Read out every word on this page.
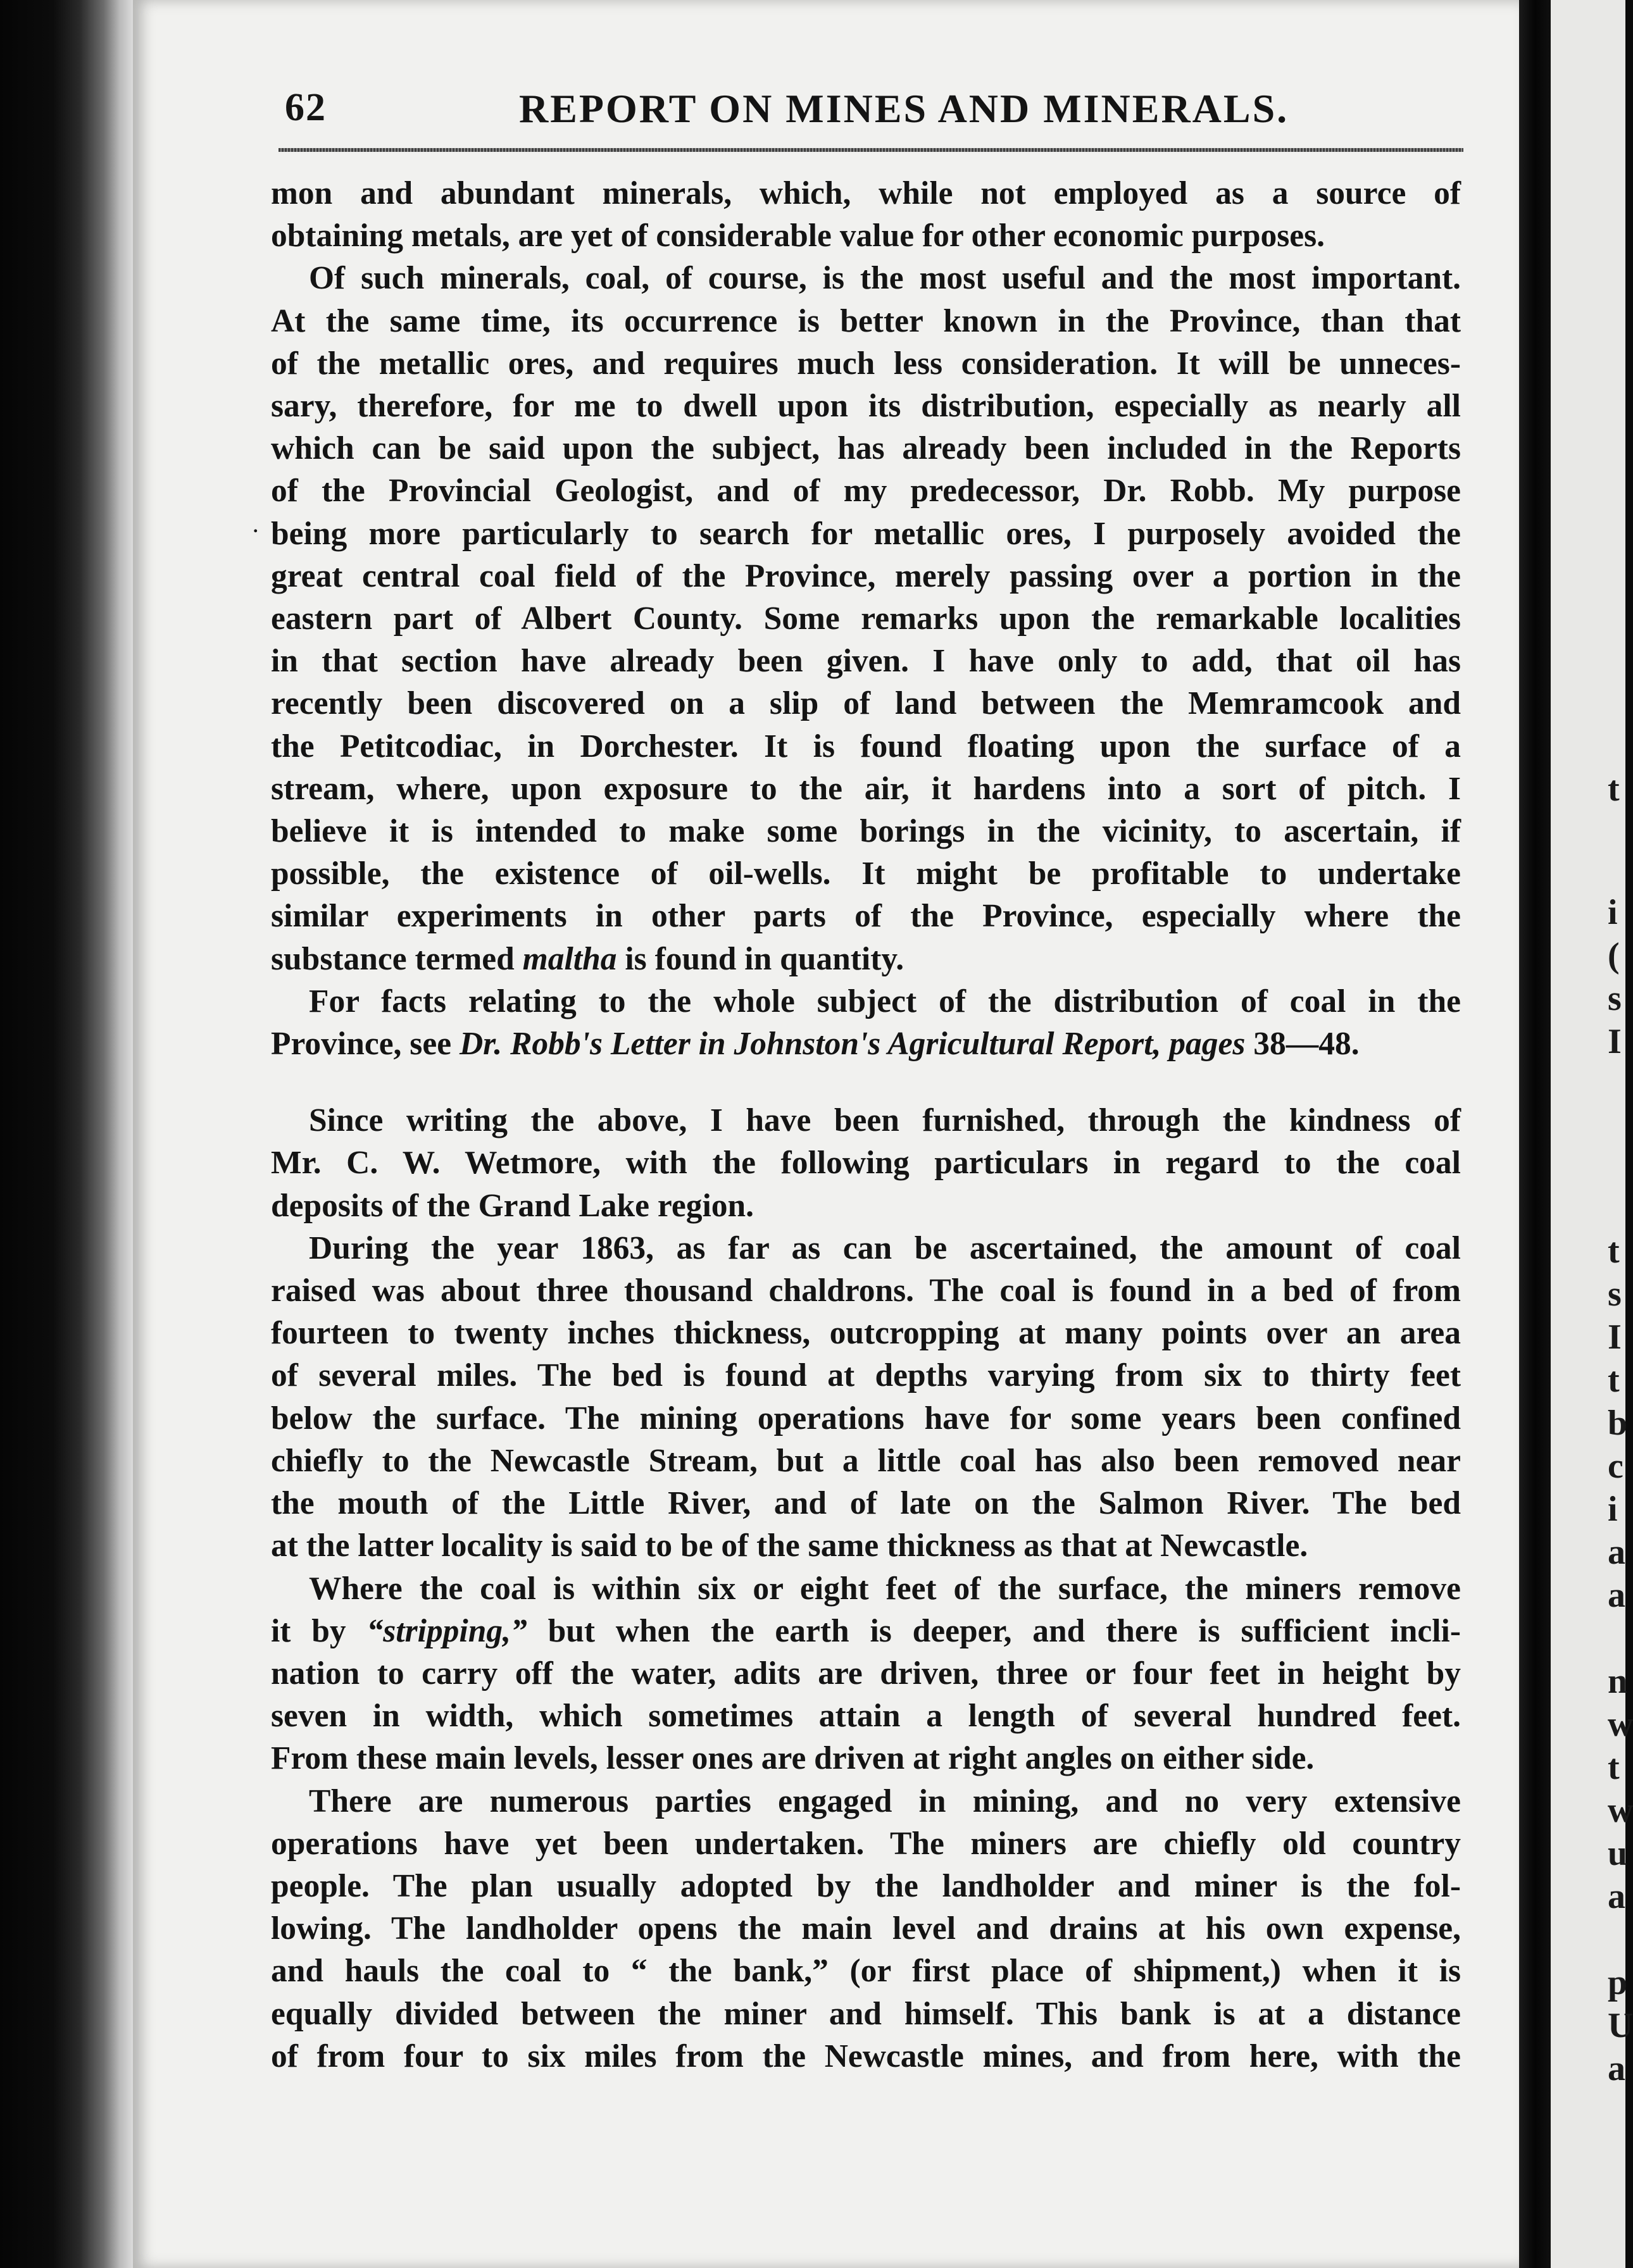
62	REPORT ON MINES AND MINERALS.

mon and abundant minerals, which, while not employed as a source of

obtaining metals, are yet of considerable value for other economic purposes.

Of such minerals, coal, of course, is the most useful and the most important.

At the same time, its occurrence is better known in the Province, than that

of the metallic ores, and requires much less consideration. It will be unneces-

sary, therefore, for me to dwell upon its distribution, especially as nearly all

which can be said upon the subject, has already been included in the Reports

of the Provincial Geologist, and of my predecessor, Dr. Robb. My purpose

being more particularly to search for metallic ores, I purposely avoided the

great central coal field of the Province, merely passing over a portion in the

eastern part of Albert County. Some remarks upon the remarkable localities

in that section have already been given. I have only to add, that oil has

recently been discovered on a slip of land between the Memramcook and

the Petitcodiac, in Dorchester. It is found floating upon the surface of a

stream, where, upon exposure to the air, it hardens into a sort of pitch. I

believe it is intended to make some borings in the vicinity, to ascertain, if

possible, the existence of oil-wells. It might be profitable to undertake

similar experiments in other parts of the Province, especially where the

substance termed maltha is found in quantity.

For facts relating to the whole subject of the distribution of coal in the

Province, see Dr. Robb's Letter in Johnston's Agricultural Report, pages 38—48.

Since writing the above, I have been furnished, through the kindness of

Mr. C. W. Wetmore, with the following particulars in regard to the coal

deposits of the Grand Lake region.

During the year 1863, as far as can be ascertained, the amount of coal

raised was about three thousand chaldrons. The coal is found in a bed of from

fourteen to twenty inches thickness, outcropping at many points over an area

of several miles. The bed is found at depths varying from six to thirty feet

below the surface. The mining operations have for some years been confined

chiefly to the Newcastle Stream, but a little coal has also been removed near

the mouth of the Little River, and of late on the Salmon River. The bed

at the latter locality is said to be of the same thickness as that at Newcastle.

Where the coal is within six or eight feet of the surface, the miners remove

it by “stripping,” but when the earth is deeper, and there is sufficient incli-

nation to carry off the water, adits are driven, three or four feet in height by

seven in width, which sometimes attain a length of several hundred feet.

From these main levels, lesser ones are driven at right angles on either side.

There are numerous parties engaged in mining, and no very extensive

operations have yet been undertaken. The miners are chiefly old country

people. The plan usually adopted by the landholder and miner is the fol-

lowing. The landholder opens the main level and drains at his own expense,

and hauls the coal to “ the bank,” (or first place of shipment,) when it is

equally divided between the miner and himself. This bank is at a distance

of from four to six miles from the Newcastle mines, and from here, with the

.
t
i
(
s
I
t
s
I
t
b
c
i
a
a
n
w
t
w
u
a
p
U
a
